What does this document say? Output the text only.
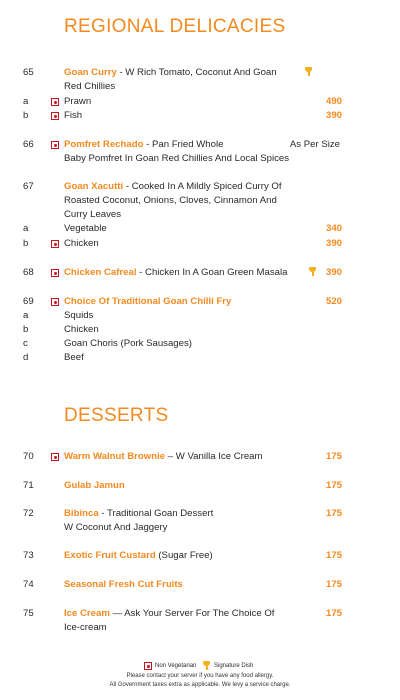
REGIONAL DELICACIES
65	Goan Curry - W Rich Tomato, Coconut And Goan
Red Chillies
a	Prawn	490
b	Fish	390
66	Pomfret Rechado - Pan Fried Whole	As Per Size
Baby Pomfret In Goan Red Chillies And Local Spices
67	Goan Xacutti - Cooked In A Mildly Spiced Curry Of
Roasted Coconut, Onions, Cloves, Cinnamon And
Curry Leaves
a	Vegetable	340
b	Chicken	390
68	Chicken Cafreal - Chicken In A Goan Green Masala	390
69	Choice Of Traditional Goan Chilli Fry	520
a	Squids
b	Chicken
c	Goan Choris (Pork Sausages)
d	Beef
DESSERTS
70	Warm Walnut Brownie – W Vanilla Ice Cream	175
71	Gulab Jamun	175
72	Bibinca - Traditional Goan Dessert	175
W Coconut And Jaggery
73	Exotic Fruit Custard (Sugar Free)	175
74	Seasonal Fresh Cut Fruits	175
75	Ice Cream — Ask Your Server For The Choice Of	175
Ice-cream
Non Vegetarian	Signature Dish
Please contact your server if you have any food allergy.
All Government taxes extra as applicable. We levy a service charge.
